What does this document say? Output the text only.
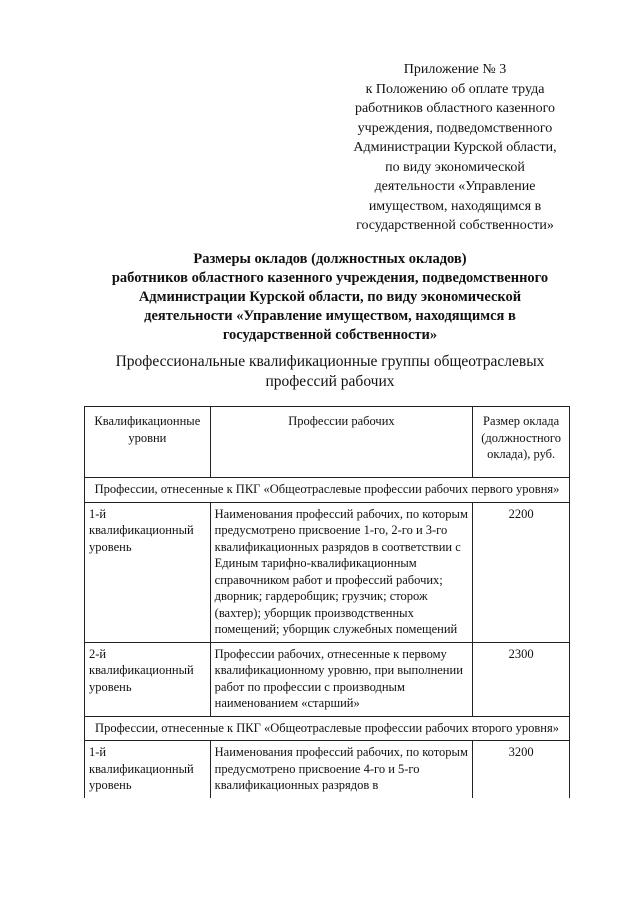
Приложение № 3
к Положению об оплате труда
работников областного казенного
учреждения, подведомственного
Администрации Курской области,
по виду экономической
деятельности «Управление
имуществом, находящимся в
государственной собственности»
Размеры окладов (должностных окладов)
работников областного казенного учреждения, подведомственного
Администрации Курской области, по виду экономической
деятельности «Управление имуществом, находящимся в
государственной собственности»
Профессиональные квалификационные группы общеотраслевых
профессий рабочих
Квалификационные уровни	Профессии рабочих	Размер оклада (должностного оклада), руб.
Профессии, отнесенные к ПКГ «Общеотраслевые профессии рабочих первого уровня»		
1-й квалификационный уровень	Наименования профессий рабочих, по которым предусмотрено присвоение 1-го, 2-го и 3-го квалификационных разрядов в соответствии с Единым тарифно-квалификационным справочником работ и профессий рабочих; дворник; гардеробщик; грузчик; сторож (вахтер); уборщик производственных помещений; уборщик служебных помещений	2200
2-й квалификационный уровень	Профессии рабочих, отнесенные к первому квалификационному уровню, при выполнении работ по профессии с производным наименованием «старший»	2300
Профессии, отнесенные к ПКГ «Общеотраслевые профессии рабочих второго уровня»		
1-й квалификационный уровень	Наименования профессий рабочих, по которым предусмотрено присвоение 4-го и 5-го квалификационных разрядов в	3200
